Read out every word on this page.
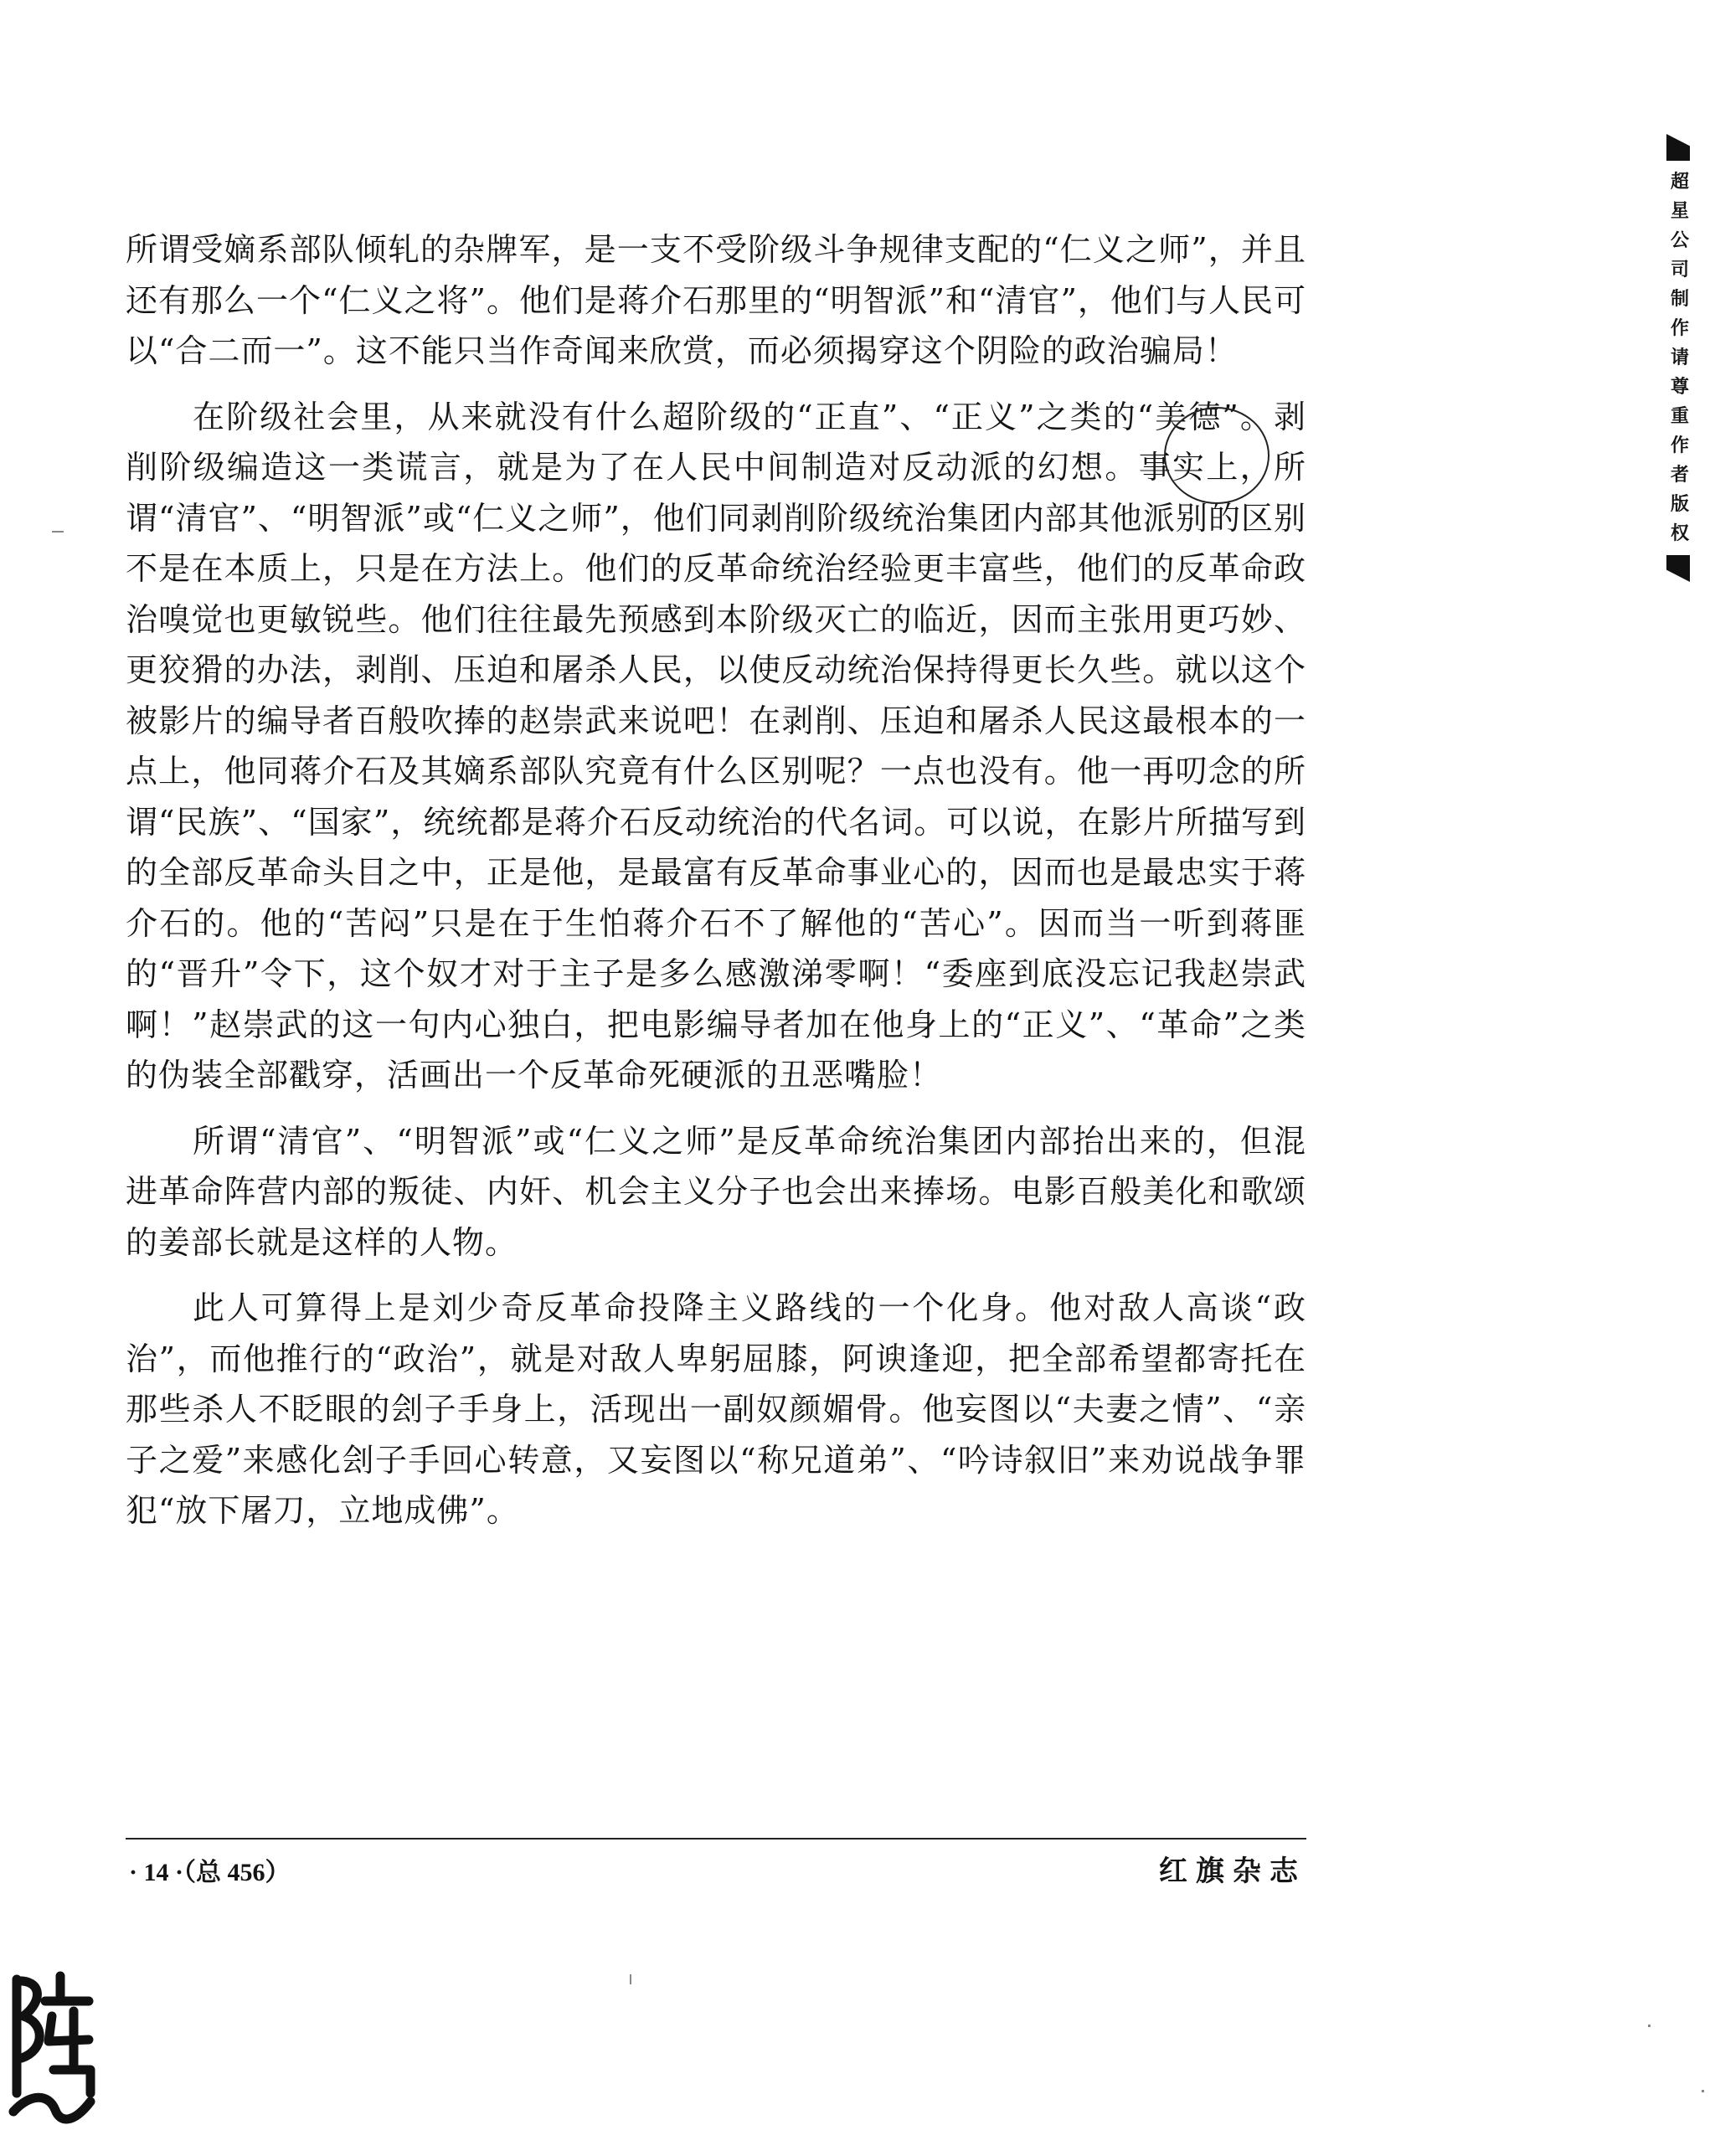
所谓受嫡系部队倾轧的杂牌军，是一支不受阶级斗争规律支配的“仁义之师”，并且还有那么一个“仁义之将”。他们是蒋介石那里的“明智派”和“清官”，他们与人民可以“合二而一”。这不能只当作奇闻来欣赏，而必须揭穿这个阴险的政治骗局！

在阶级社会里，从来就没有什么超阶级的“正直”、“正义”之类的“美德”。剥削阶级编造这一类谎言，就是为了在人民中间制造对反动派的幻想。事实上，所谓“清官”、“明智派”或“仁义之师”，他们同剥削阶级统治集团内部其他派别的区别不是在本质上，只是在方法上。他们的反革命统治经验更丰富些，他们的反革命政治嗅觉也更敏锐些。他们往往最先预感到本阶级灭亡的临近，因而主张用更巧妙、更狡猾的办法，剥削、压迫和屠杀人民，以使反动统治保持得更长久些。就以这个被影片的编导者百般吹捧的赵崇武来说吧！在剥削、压迫和屠杀人民这最根本的一点上，他同蒋介石及其嫡系部队究竟有什么区别呢？一点也没有。他一再叨念的所谓“民族”、“国家”，统统都是蒋介石反动统治的代名词。可以说，在影片所描写到的全部反革命头目之中，正是他，是最富有反革命事业心的，因而也是最忠实于蒋介石的。他的“苦闷”只是在于生怕蒋介石不了解他的“苦心”。因而当一听到蒋匪的“晋升”令下，这个奴才对于主子是多么感激涕零啊！“委座到底没忘记我赵崇武啊！”赵崇武的这一句内心独白，把电影编导者加在他身上的“正义”、“革命”之类的伪装全部戳穿，活画出一个反革命死硬派的丑恶嘴脸！

所谓“清官”、“明智派”或“仁义之师”是反革命统治集团内部抬出来的，但混进革命阵营内部的叛徒、内奸、机会主义分子也会出来捧场。电影百般美化和歌颂的姜部长就是这样的人物。

此人可算得上是刘少奇反革命投降主义路线的一个化身。他对敌人高谈“政治”，而他推行的“政治”，就是对敌人卑躬屈膝，阿谀逢迎，把全部希望都寄托在那些杀人不眨眼的刽子手身上，活现出一副奴颜媚骨。他妄图以“夫妻之情”、“亲子之爱”来感化刽子手回心转意，又妄图以“称兄道弟”、“吟诗叙旧”来劝说战争罪犯“放下屠刀，立地成佛”。

· 14 ·（总 456）	红旗杂志
超星公司制作 请尊重作者版权
